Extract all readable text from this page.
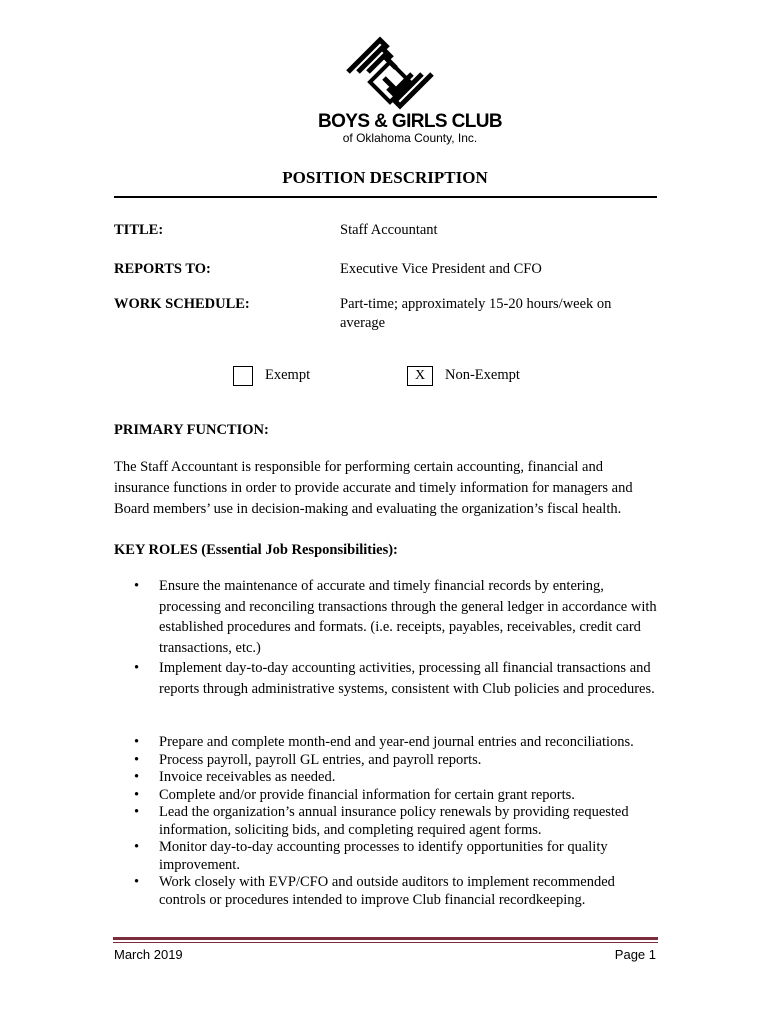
BOYS & GIRLS CLUB
of Oklahoma County, Inc.
POSITION DESCRIPTION
TITLE:	Staff Accountant
REPORTS TO:	Executive Vice President and CFO
WORK SCHEDULE:	Part-time; approximately 15-20 hours/week on average
Exempt	X	Non-Exempt
PRIMARY FUNCTION:
The Staff Accountant is responsible for performing certain accounting, financial and insurance functions in order to provide accurate and timely information for managers and Board members’ use in decision-making and evaluating the organization’s fiscal health.
KEY ROLES (Essential Job Responsibilities):
• Ensure the maintenance of accurate and timely financial records by entering, processing and reconciling transactions through the general ledger in accordance with established procedures and formats. (i.e. receipts, payables, receivables, credit card transactions, etc.)
• Implement day-to-day accounting activities, processing all financial transactions and reports through administrative systems, consistent with Club policies and procedures.
• Prepare and complete month-end and year-end journal entries and reconciliations.
• Process payroll, payroll GL entries, and payroll reports.
• Invoice receivables as needed.
• Complete and/or provide financial information for certain grant reports.
• Lead the organization’s annual insurance policy renewals by providing requested information, soliciting bids, and completing required agent forms.
• Monitor day-to-day accounting processes to identify opportunities for quality improvement.
• Work closely with EVP/CFO and outside auditors to implement recommended controls or procedures intended to improve Club financial recordkeeping.
March 2019	Page 1
